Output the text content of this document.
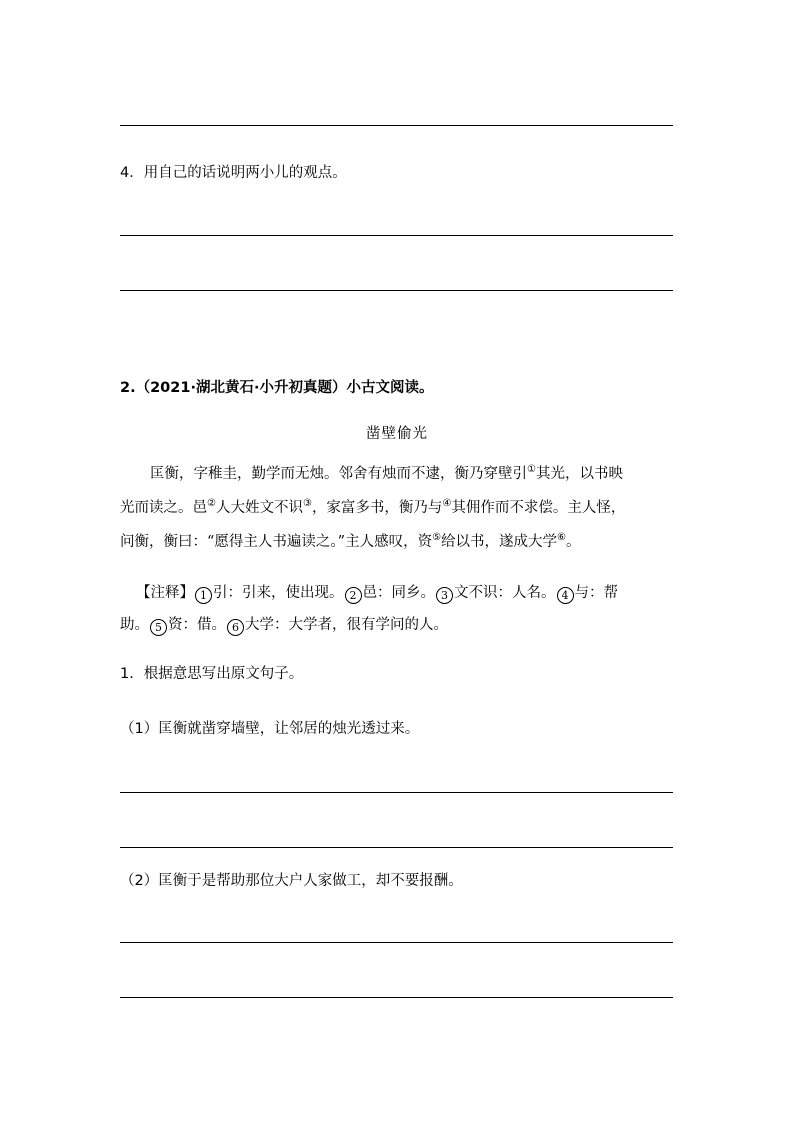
4．用自己的话说明两小儿的观点。
2.（2021·湖北黄石·小升初真题）小古文阅读。
凿壁偷光
匡衡，字稚圭，勤学而无烛。邻舍有烛而不逮，衡乃穿壁引①其光，以书映
光而读之。邑②人大姓文不识③，家富多书，衡乃与④其佣作而不求偿。主人怪，
问衡，衡曰：“愿得主人书遍读之。”主人感叹，资⑤给以书，遂成大学⑥。
【注释】 1 引：引来，使出现。 2 邑：同乡。 3 文不识：人名。 4 与：帮
助。 5 资：借。 6 大学：大学者，很有学问的人。
1．根据意思写出原文句子。
（1）匡衡就凿穿墙壁，让邻居的烛光透过来。
（2）匡衡于是帮助那位大户人家做工，却不要报酬。
